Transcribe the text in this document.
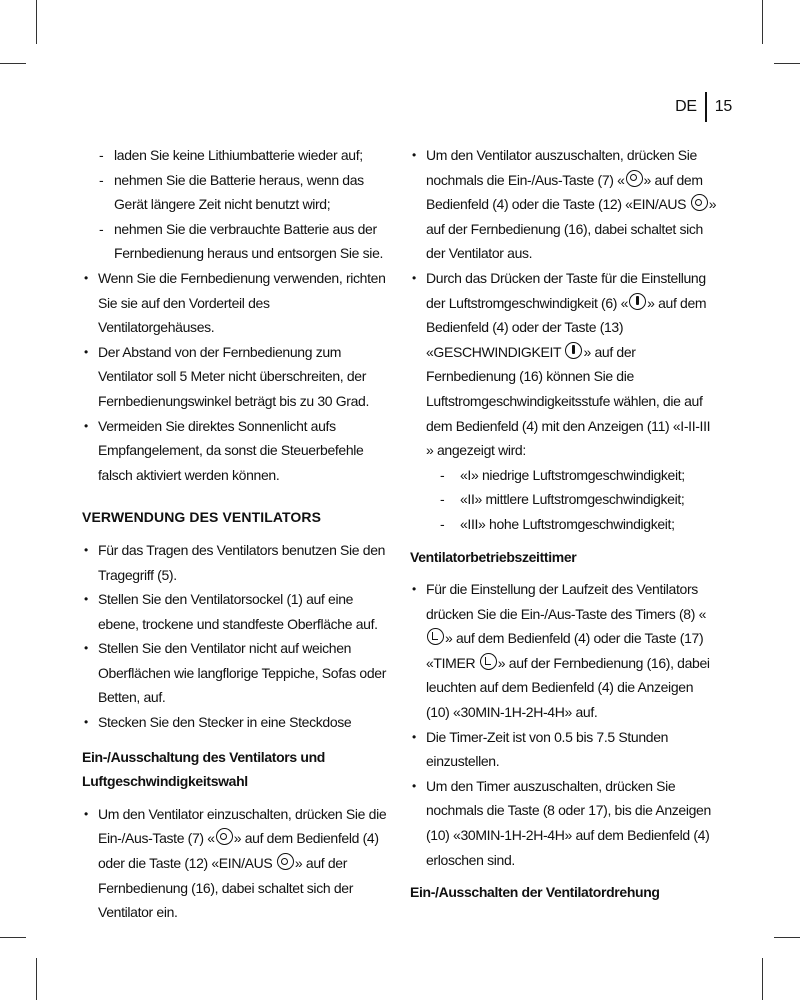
DE 15
- laden Sie keine Lithiumbatterie wieder auf;
- nehmen Sie die Batterie heraus, wenn das Gerät längere Zeit nicht benutzt wird;
- nehmen Sie die verbrauchte Batterie aus der Fernbedienung heraus und entsorgen Sie sie.
• Wenn Sie die Fernbedienung verwenden, richten Sie sie auf den Vorderteil des Ventilatorgehäuses.
• Der Abstand von der Fernbedienung zum Ventilator soll 5 Meter nicht überschreiten, der Fernbedienungswinkel beträgt bis zu 30 Grad.
• Vermeiden Sie direktes Sonnenlicht aufs Empfangelement, da sonst die Steuerbefehle falsch aktiviert werden können.
VERWENDUNG DES VENTILATORS
• Für das Tragen des Ventilators benutzen Sie den Tragegriff (5).
• Stellen Sie den Ventilatorsockel (1) auf eine ebene, trockene und standfeste Oberfläche auf.
• Stellen Sie den Ventilator nicht auf weichen Oberflächen wie langflorige Teppiche, Sofas oder Betten, auf.
• Stecken Sie den Stecker in eine Steckdose
Ein-/Ausschaltung des Ventilators und Luftgeschwindigkeitswahl
• Um den Ventilator einzuschalten, drücken Sie die Ein-/Aus-Taste (7) « » auf dem Bedienfeld (4) oder die Taste (12) «EIN/AUS » auf der Fernbedienung (16), dabei schaltet sich der Ventilator ein.
• Um den Ventilator auszuschalten, drücken Sie nochmals die Ein-/Aus-Taste (7) « » auf dem Bedienfeld (4) oder die Taste (12) «EIN/AUS » auf der Fernbedienung (16), dabei schaltet sich der Ventilator aus.
• Durch das Drücken der Taste für die Einstellung der Luftstromgeschwindigkeit (6) « » auf dem Bedienfeld (4) oder der Taste (13) «GESCHWINDIGKEIT » auf der Fernbedienung (16) können Sie die Luftstromgeschwindigkeitsstufe wählen, die auf dem Bedienfeld (4) mit den Anzeigen (11) «I-II-III » angezeigt wird:
- «I» niedrige Luftstromgeschwindigkeit;
- «II» mittlere Luftstromgeschwindigkeit;
- «III» hohe Luftstromgeschwindigkeit;
Ventilatorbetriebszeittimer
• Für die Einstellung der Laufzeit des Ventilators drücken Sie die Ein-/Aus-Taste des Timers (8) «» auf dem Bedienfeld (4) oder die Taste (17) «TIMER » auf der Fernbedienung (16), dabei leuchten auf dem Bedienfeld (4) die Anzeigen (10) «30MIN-1H-2H-4H» auf.
• Die Timer-Zeit ist von 0.5 bis 7.5 Stunden einzustellen.
• Um den Timer auszuschalten, drücken Sie nochmals die Taste (8 oder 17), bis die Anzeigen (10) «30MIN-1H-2H-4H» auf dem Bedienfeld (4) erloschen sind.
Ein-/Ausschalten der Ventilatordrehung
